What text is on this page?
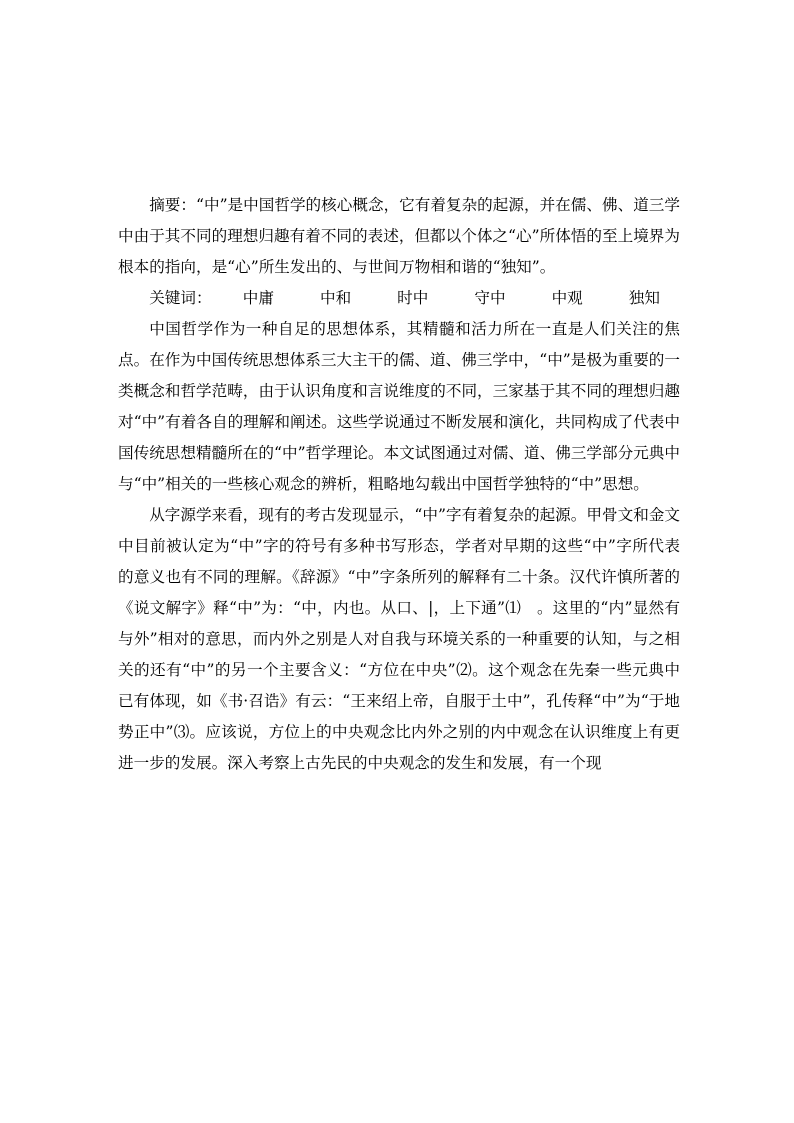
摘要：“中”是中国哲学的核心概念，它有着复杂的起源，并在儒、佛、道三学中由于其不同的理想归趣有着不同的表述，但都以个体之“心”所体悟的至上境界为根本的指向，是“心”所生发出的、与世间万物相和谐的“独知”。

关键词： 中庸	中和	时中	守中	中观	独知

中国哲学作为一种自足的思想体系，其精髓和活力所在一直是人们关注的焦点。在作为中国传统思想体系三大主干的儒、道、佛三学中，“中”是极为重要的一类概念和哲学范畴，由于认识角度和言说维度的不同，三家基于其不同的理想归趣对“中”有着各自的理解和阐述。这些学说通过不断发展和演化，共同构成了代表中国传统思想精髓所在的“中”哲学理论。本文试图通过对儒、道、佛三学部分元典中与“中”相关的一些核心观念的辨析，粗略地勾载出中国哲学独特的“中”思想。

从字源学来看，现有的考古发现显示，“中”字有着复杂的起源。甲骨文和金文中目前被认定为“中”字的符号有多种书写形态，学者对早期的这些“中”字所代表的意义也有不同的理解。《辞源》“中”字条所列的解释有二十条。汉代许慎所著的《说文解字》释“中”为：“中，内也。从口、|，上下通”⑴　。这里的“内”显然有与外”相对的意思，而内外之别是人对自我与环境关系的一种重要的认知，与之相关的还有“中”的另一个主要含义：“方位在中央”⑵。这个观念在先秦一些元典中已有体现，如《书·召诰》有云：“王来绍上帝，自服于土中”，孔传释“中”为“于地势正中”⑶。应该说，方位上的中央观念比内外之别的内中观念在认识维度上有更进一步的发展。深入考察上古先民的中央观念的发生和发展，有一个现
